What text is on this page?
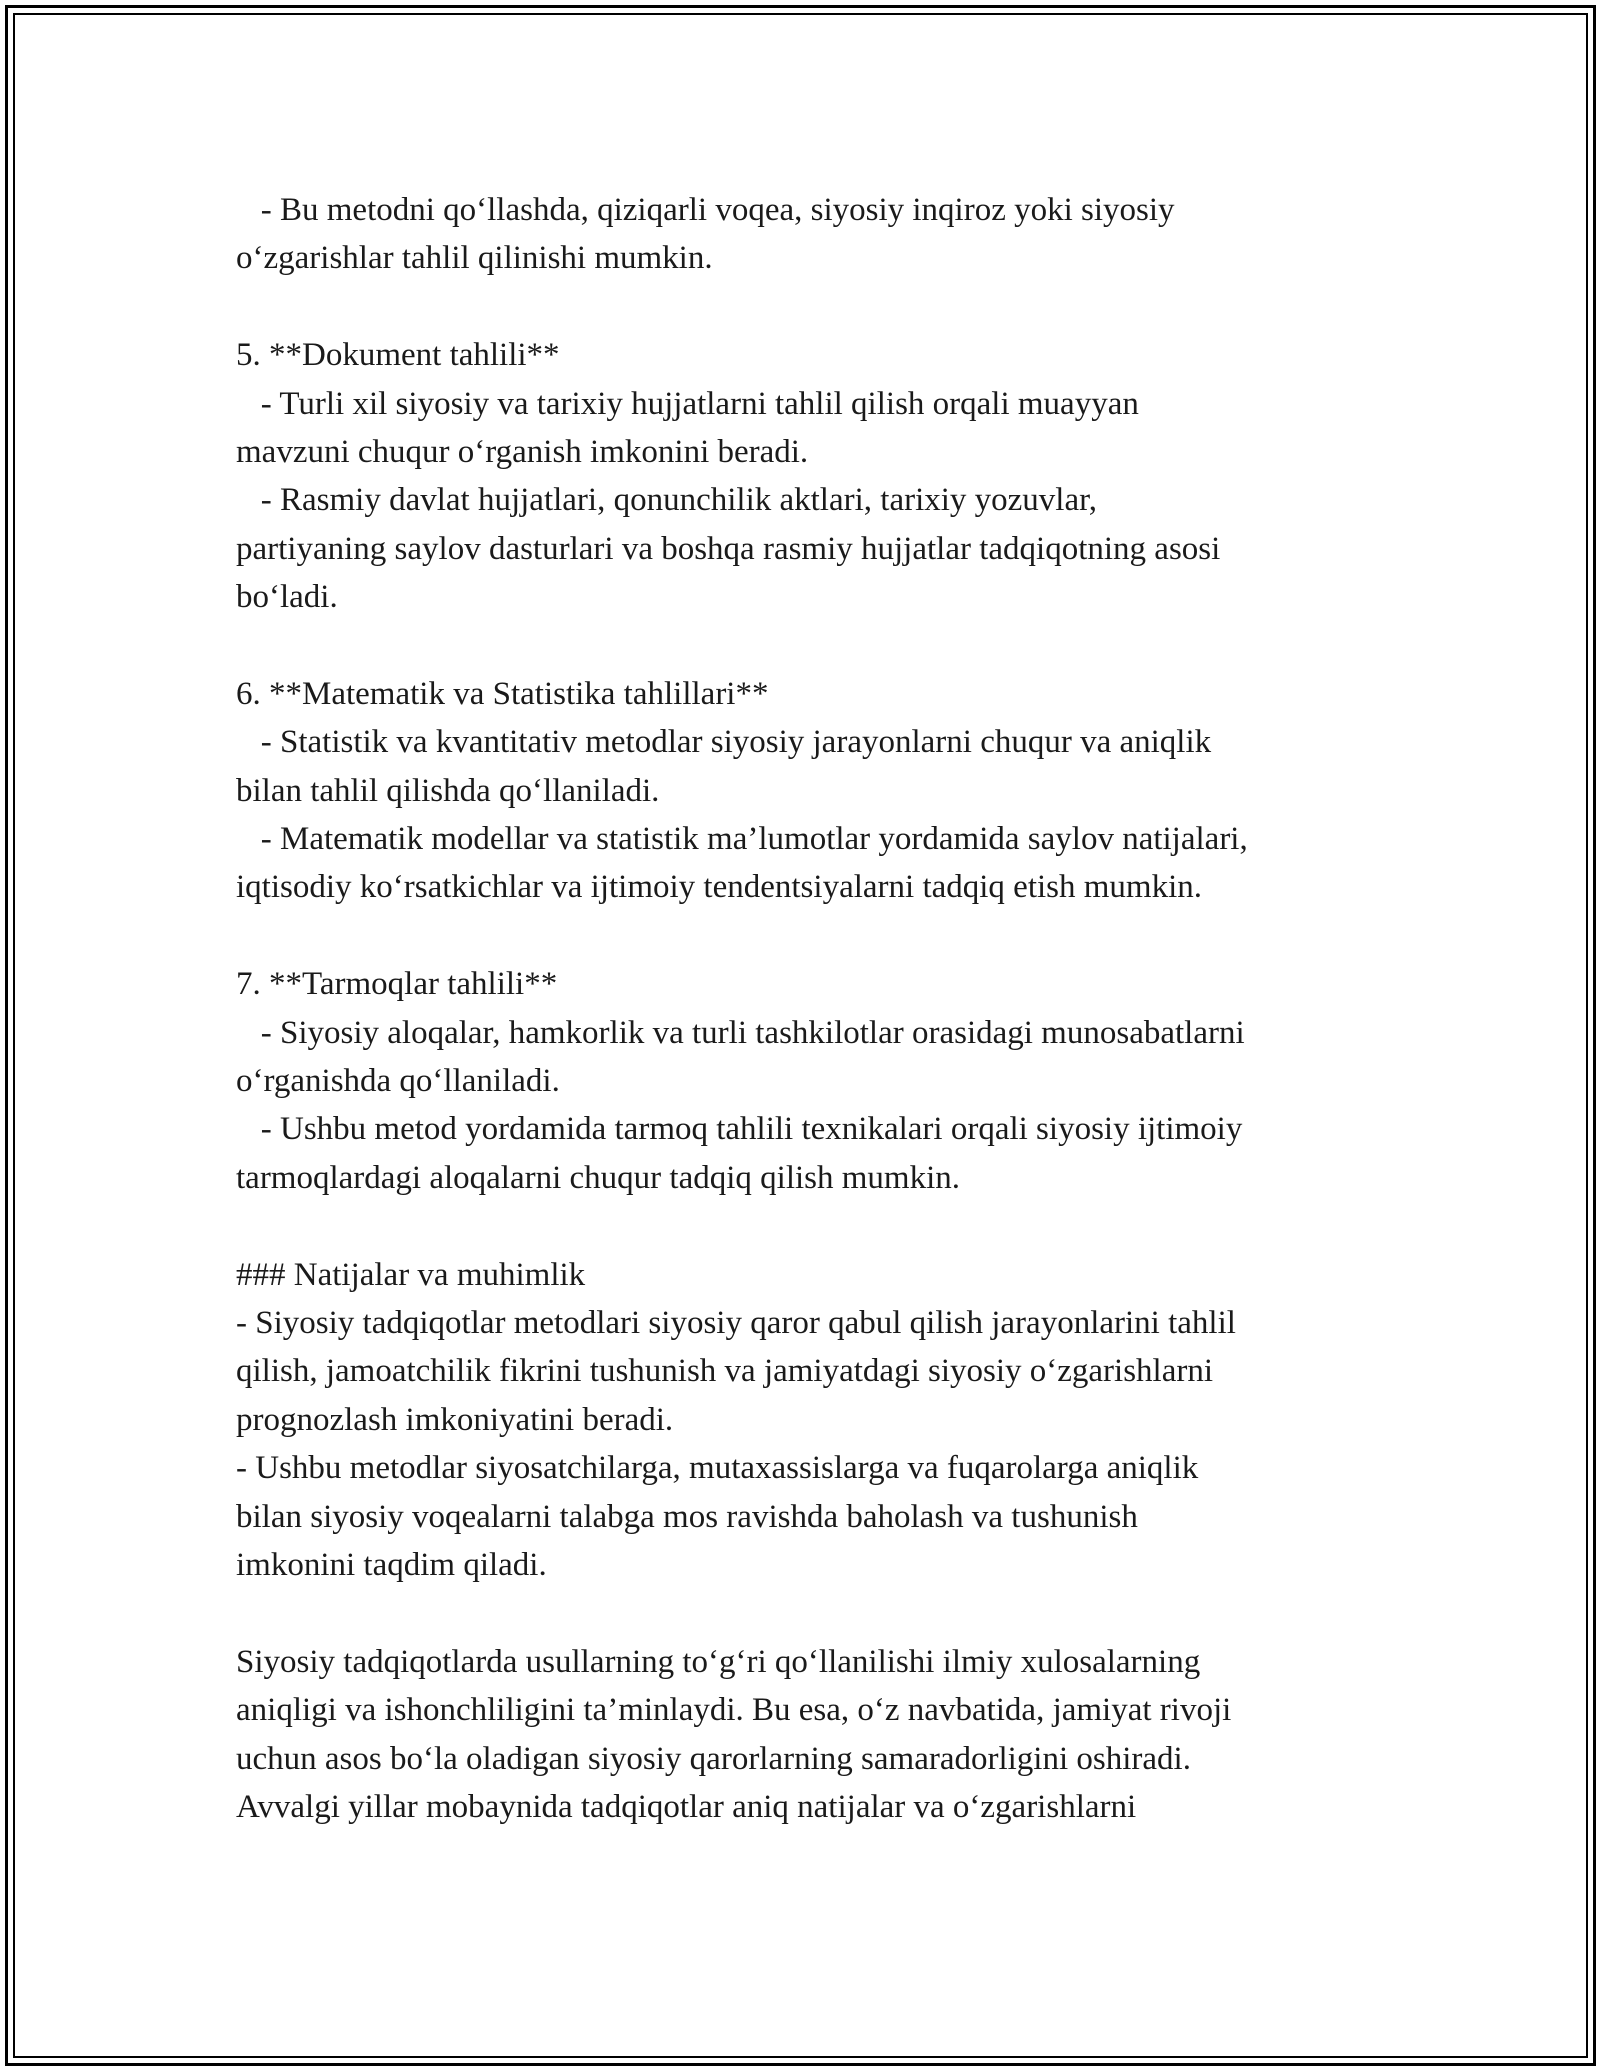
- Bu metodni qo‘llashda, qiziqarli voqea, siyosiy inqiroz yoki siyosiy
o‘zgarishlar tahlil qilinishi mumkin.
5. **Dokument tahlili**
- Turli xil siyosiy va tarixiy hujjatlarni tahlil qilish orqali muayyan
mavzuni chuqur o‘rganish imkonini beradi.
- Rasmiy davlat hujjatlari, qonunchilik aktlari, tarixiy yozuvlar,
partiyaning saylov dasturlari va boshqa rasmiy hujjatlar tadqiqotning asosi
bo‘ladi.
6. **Matematik va Statistika tahlillari**
- Statistik va kvantitativ metodlar siyosiy jarayonlarni chuqur va aniqlik
bilan tahlil qilishda qo‘llaniladi.
- Matematik modellar va statistik ma’lumotlar yordamida saylov natijalari,
iqtisodiy ko‘rsatkichlar va ijtimoiy tendentsiyalarni tadqiq etish mumkin.
7. **Tarmoqlar tahlili**
- Siyosiy aloqalar, hamkorlik va turli tashkilotlar orasidagi munosabatlarni
o‘rganishda qo‘llaniladi.
- Ushbu metod yordamida tarmoq tahlili texnikalari orqali siyosiy ijtimoiy
tarmoqlardagi aloqalarni chuqur tadqiq qilish mumkin.
### Natijalar va muhimlik
- Siyosiy tadqiqotlar metodlari siyosiy qaror qabul qilish jarayonlarini tahlil
qilish, jamoatchilik fikrini tushunish va jamiyatdagi siyosiy o‘zgarishlarni
prognozlash imkoniyatini beradi.
- Ushbu metodlar siyosatchilarga, mutaxassislarga va fuqarolarga aniqlik
bilan siyosiy voqealarni talabga mos ravishda baholash va tushunish
imkonini taqdim qiladi.
Siyosiy tadqiqotlarda usullarning to‘g‘ri qo‘llanilishi ilmiy xulosalarning
aniqligi va ishonchliligini ta’minlaydi. Bu esa, o‘z navbatida, jamiyat rivoji
uchun asos bo‘la oladigan siyosiy qarorlarning samaradorligini oshiradi.
Avvalgi yillar mobaynida tadqiqotlar aniq natijalar va o‘zgarishlarni
